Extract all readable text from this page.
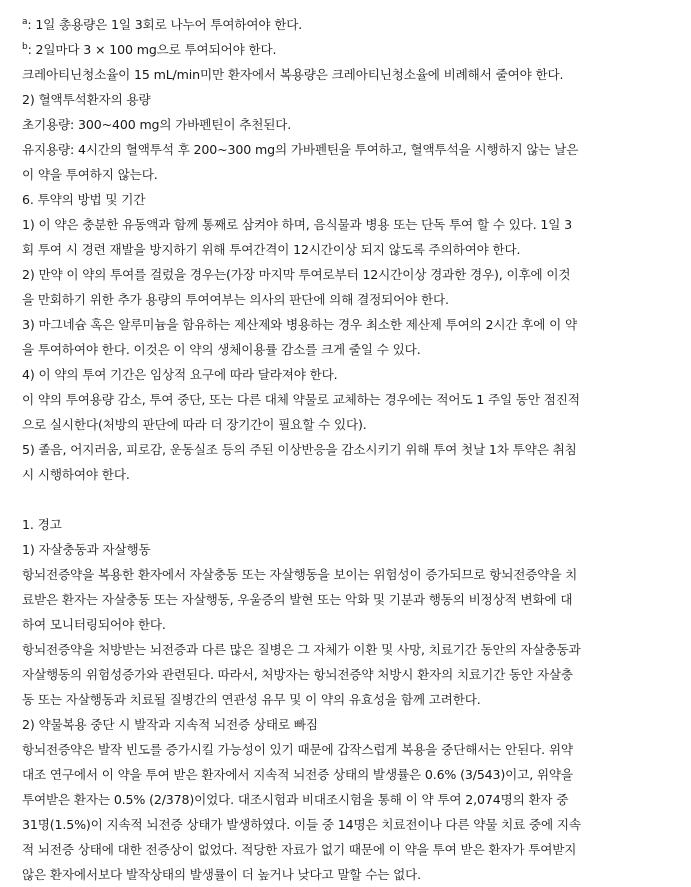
$^a$: 1일 총용량은 1일 3회로 나누어 투여하여야 한다.
$^b$: 2일마다 3 × 100 mg으로 투여되어야 한다.
크레아티닌청소율이 15 mL/min미만 환자에서 복용량은 크레아티닌청소율에 비례해서 줄여야 한다.
2) 혈액투석환자의 용량
초기용량: 300~400 mg의 가바펜틴이 추천된다.
유지용량: 4시간의 혈액투석 후 200~300 mg의 가바펜틴을 투여하고, 혈액투석을 시행하지 않는 날은
이 약을 투여하지 않는다.
6. 투약의 방법 및 기간
1) 이 약은 충분한 유동액과 함께 통째로 삼켜야 하며, 음식물과 병용 또는 단독 투여 할 수 있다. 1일 3
회 투여 시 경련 재발을 방지하기 위해 투여간격이 12시간이상 되지 않도록 주의하여야 한다.
2) 만약 이 약의 투여를 걸렀을 경우는(가장 마지막 투여로부터 12시간이상 경과한 경우), 이후에 이것
을 만회하기 위한 추가 용량의 투여여부는 의사의 판단에 의해 결정되어야 한다.
3) 마그네슘 혹은 알루미늄을 함유하는 제산제와 병용하는 경우 최소한 제산제 투여의 2시간 후에 이 약
을 투여하여야 한다. 이것은 이 약의 생체이용률 감소를 크게 줄일 수 있다.
4) 이 약의 투여 기간은 임상적 요구에 따라 달라져야 한다.
이 약의 투여용량 감소, 투여 중단, 또는 다른 대체 약물로 교체하는 경우에는 적어도 1 주일 동안 점진적
으로 실시한다(처방의 판단에 따라 더 장기간이 필요할 수 있다).
5) 졸음, 어지러움, 피로감, 운동실조 등의 주된 이상반응을 감소시키기 위해 투여 첫날 1차 투약은 취침
시 시행하여야 한다.
1. 경고
1) 자살충동과 자살행동
항뇌전증약을 복용한 환자에서 자살충동 또는 자살행동을 보이는 위험성이 증가되므로 항뇌전증약을 치
료받은 환자는 자살충동 또는 자살행동, 우울증의 발현 또는 악화 및 기분과 행동의 비정상적 변화에 대
하여 모니터링되어야 한다.
항뇌전증약을 처방받는 뇌전증과 다른 많은 질병은 그 자체가 이환 및 사망, 치료기간 동안의 자살충동과
자살행동의 위험성증가와 관련된다. 따라서, 처방자는 항뇌전증약 처방시 환자의 치료기간 동안 자살충
동 또는 자살행동과 치료될 질병간의 연관성 유무 및 이 약의 유효성을 함께 고려한다.
2) 약물복용 중단 시 발작과 지속적 뇌전증 상태로 빠짐
항뇌전증약은 발작 빈도를 증가시킬 가능성이 있기 때문에 갑작스럽게 복용을 중단해서는 안된다. 위약
대조 연구에서 이 약을 투여 받은 환자에서 지속적 뇌전증 상태의 발생률은 0.6% (3/543)이고, 위약을
투여받은 환자는 0.5% (2/378)이었다. 대조시험과 비대조시험을 통해 이 약 투여 2,074명의 환자 중
31명(1.5%)이 지속적 뇌전증 상태가 발생하였다. 이들 중 14명은 치료전이나 다른 약물 치료 중에 지속
적 뇌전증 상태에 대한 전증상이 없었다. 적당한 자료가 없기 때문에 이 약을 투여 받은 환자가 투여받지
않은 환자에서보다 발작상태의 발생률이 더 높거나 낮다고 말할 수는 없다.
